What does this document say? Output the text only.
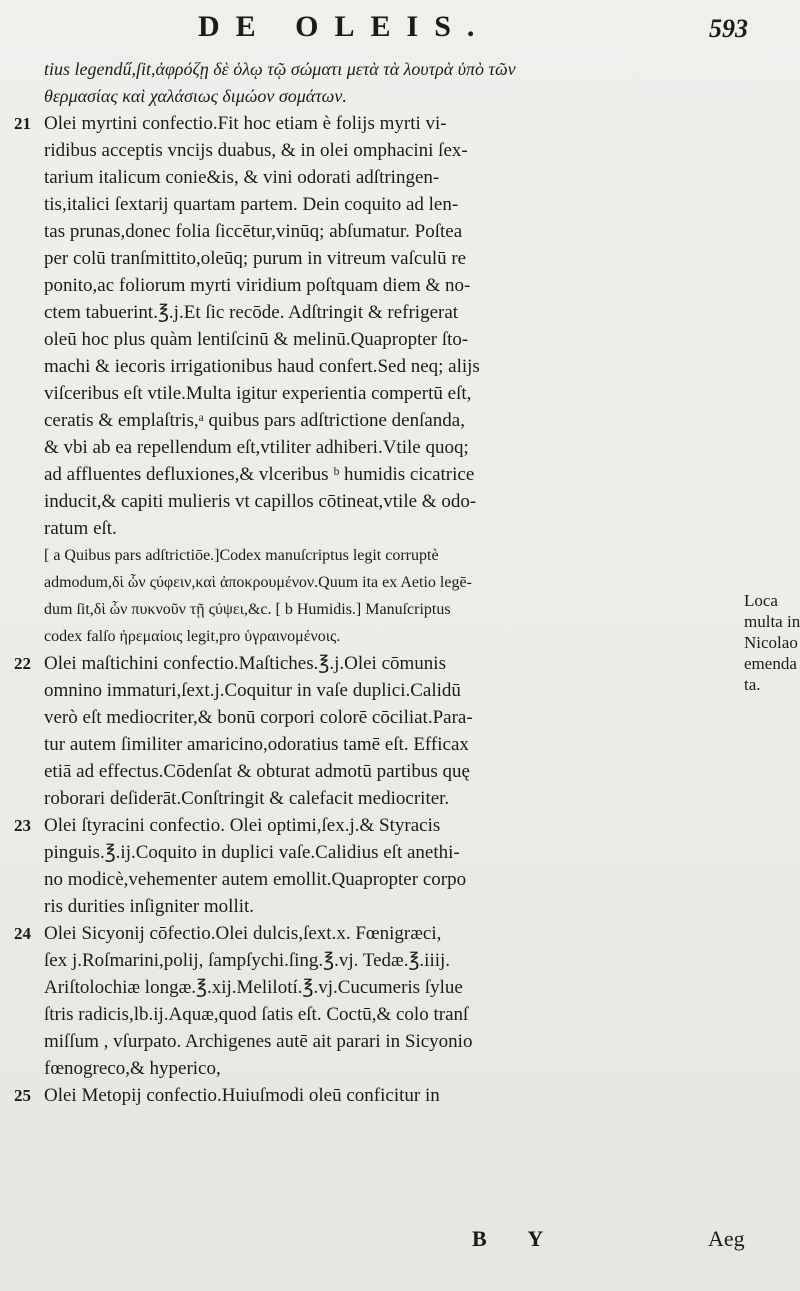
DE OLEIS.	593
tius legendű,ſit,ἀφρόζῃ δὲ ὁλῳ τῷ σώματι μετὰ τὰ λουτρὰ ὑπὸ τῶν
θερμασίας καὶ χαλάσιως διμώον σομάτων.
21 Olei myrtini confectio.Fit hoc etiam è folijs myrti vi-
ridibus acceptis vncijs duabus, & in olei omphacini ſex-
tarium italicum conie&is, & vini odorati adſtringen-
tis,italici ſextarij quartam partem. Dein coquito ad len-
tas prunas,donec folia ſiccētur,vinūq; abſumatur. Poſtea
per colū tranſmittito,oleūq; purum in vitreum vaſculū re
ponito,ac foliorum myrti viridium poſtquam diem & no-
ctem tabuerint.℥.j.Et ſic recōde. Adſtringit & refrigerat
oleū hoc plus quàm lentiſcinū & melinū.Quapropter ſto-
machi & iecoris irrigationibus haud confert.Sed neq; alijs
viſceribus eſt vtile.Multa igitur experientia compertū eſt,
ceratis & emplaſtris,ᵃ quibus pars adſtrictione denſanda,
& vbi ab ea repellendum eſt,vtiliter adhiberi.Vtile quoq;
ad affluentes defluxiones,& vlceribus ᵇ humidis cicatrice
inducit,& capiti mulieris vt capillos cōtineat,vtile & odo-
ratum eſt.
[ a Quibus pars adſtrictiōe.]Codex manuſcriptus legit corruptè
admodum,δὶ ὧν ςύφειν,καὶ ἀποκρουμένον.Quum ita ex Aetio legē-
dum ſit,δὶ ὧν πυκνοῦν τῇ ςύψει,&c. [ b Humidis.] Manuſcriptus
codex falſo ἠρεμαίοις legit,pro ὑγραινομένοις.
22 Olei maſtichini confectio.Maſtiches.℥.j.Olei cōmunis
omnino immaturi,ſext.j.Coquitur in vaſe duplici.Calidū
verò eſt mediocriter,& bonū corpori colorē cōciliat.Para-
tur autem ſimiliter amaricino,odoratius tamē eſt. Efficax
etiā ad effectus.Cōdenſat & obturat admotū partibus quę
roborari deſiderāt.Conſtringit & calefacit mediocriter.
23 Olei ſtyracini confectio. Olei optimi,ſex.j.& Styracis
pinguis.℥.ij.Coquito in duplici vaſe.Calidius eſt anethi-
no modicè,vehementer autem emollit.Quapropter corpo
ris durities inſigniter mollit.
24 Olei Sicyonij cōfectio.Olei dulcis,ſext.x. Fœnigræci,
ſex j.Roſmarini,polij, ſampſychi.ſing.℥.vj. Tedæ.℥.iiij.
Ariſtolochiæ longæ.℥.xij.Melilotí.℥.vj.Cucumeris ſylue
ſtris radicis,lb.ij.Aquæ,quod ſatis eſt. Coctū,& colo tranſ
miſſum , vſurpato. Archigenes autē ait parari in Sicyonio
fœnogreco,& hyperico,
25 Olei Metopij confectio.Huiuſmodi oleū conficitur in
Loca
multa in
Nicolao
emenda
ta.
B Y	Aeg
